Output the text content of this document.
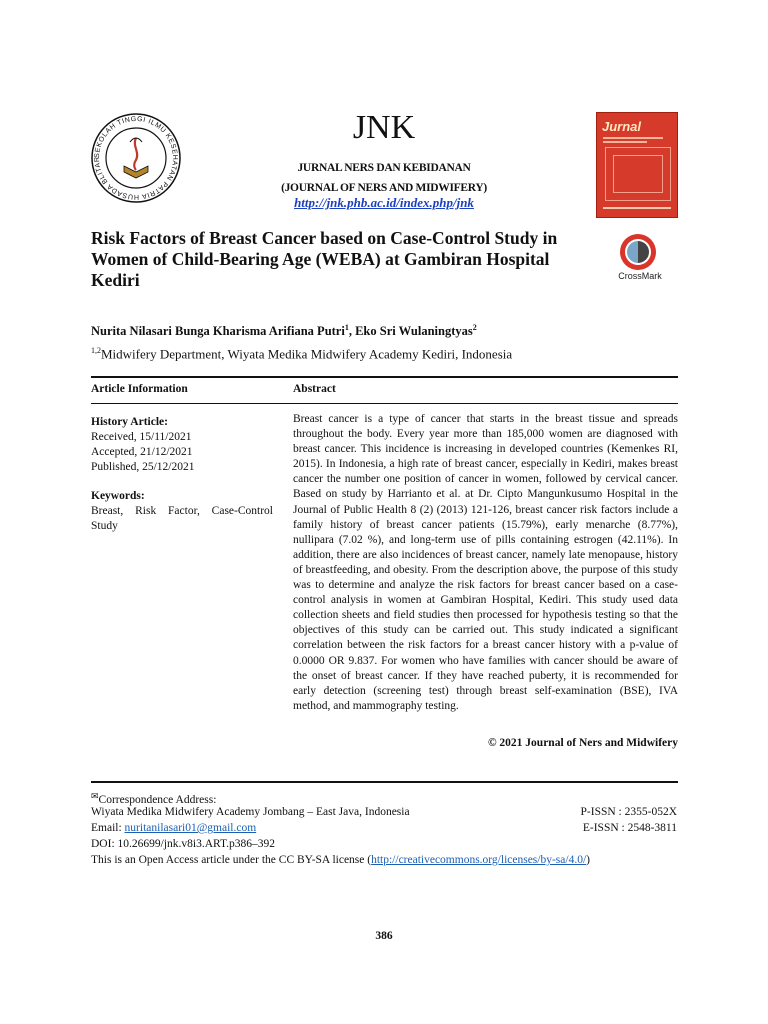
SEKOLAH TINGGI ILMU KESEHATAN PATRIA HUSADA BLITAR
JNK
JURNAL NERS DAN KEBIDANAN
(JOURNAL OF NERS AND MIDWIFERY)
http://jnk.phb.ac.id/index.php/jnk
Jurnal
Risk Factors of Breast Cancer based on Case-Control Study in Women of Child-Bearing Age (WEBA) at Gambiran Hospital Kediri	CrossMark
Nurita Nilasari Bunga Kharisma Arifiana Putri$^1$, Eko Sri Wulaningtyas$^2$
$^{1,2}$Midwifery Department, Wiyata Medika Midwifery Academy Kediri, Indonesia
Article Information	Abstract
History Article:
Received, 15/11/2021
Accepted, 21/12/2021
Published, 25/12/2021
Keywords:
Breast, Risk Factor, Case-Control Study
Breast cancer is a type of cancer that starts in the breast tissue and spreads throughout the body. Every year more than 185,000 women are diagnosed with breast cancer. This incidence is increasing in developed countries (Kemenkes RI, 2015). In Indonesia, a high rate of breast cancer, especially in Kediri, makes breast cancer the number one position of cancer in women, followed by cervical cancer. Based on study by Harrianto et al. at Dr. Cipto Mangunkusumo Hospital in the Journal of Public Health 8 (2) (2013) 121-126, breast cancer risk factors include a family history of breast cancer patients (15.79%), early menarche (8.77%), nullipara (7.02 %), and long-term use of pills containing estrogen (42.11%). In addition, there are also incidences of breast cancer, namely late menopause, history of breastfeeding, and obesity. From the description above, the purpose of this study was to determine and analyze the risk factors for breast cancer based on a case-control analysis in women at Gambiran Hospital, Kediri. This study used data collection sheets and field studies then processed for hypothesis testing so that the objectives of this study can be carried out. This study indicated a significant correlation between the risk factors for a breast cancer history with a p-value of 0.0000 OR 9.837. For women who have families with cancer should be aware of the onset of breast cancer. If they have reached puberty, it is recommended for early detection (screening test) through breast self-examination (BSE), IVA method, and mammography testing.
© 2021 Journal of Ners and Midwifery
✉Correspondence Address:
Wiyata Medika Midwifery Academy Jombang – East Java, Indonesia	P-ISSN : 2355-052X
Email: nuritanilasari01@gmail.com	E-ISSN : 2548-3811
DOI: 10.26699/jnk.v8i3.ART.p386–392
This is an Open Access article under the CC BY-SA license (http://creativecommons.org/licenses/by-sa/4.0/)
386
